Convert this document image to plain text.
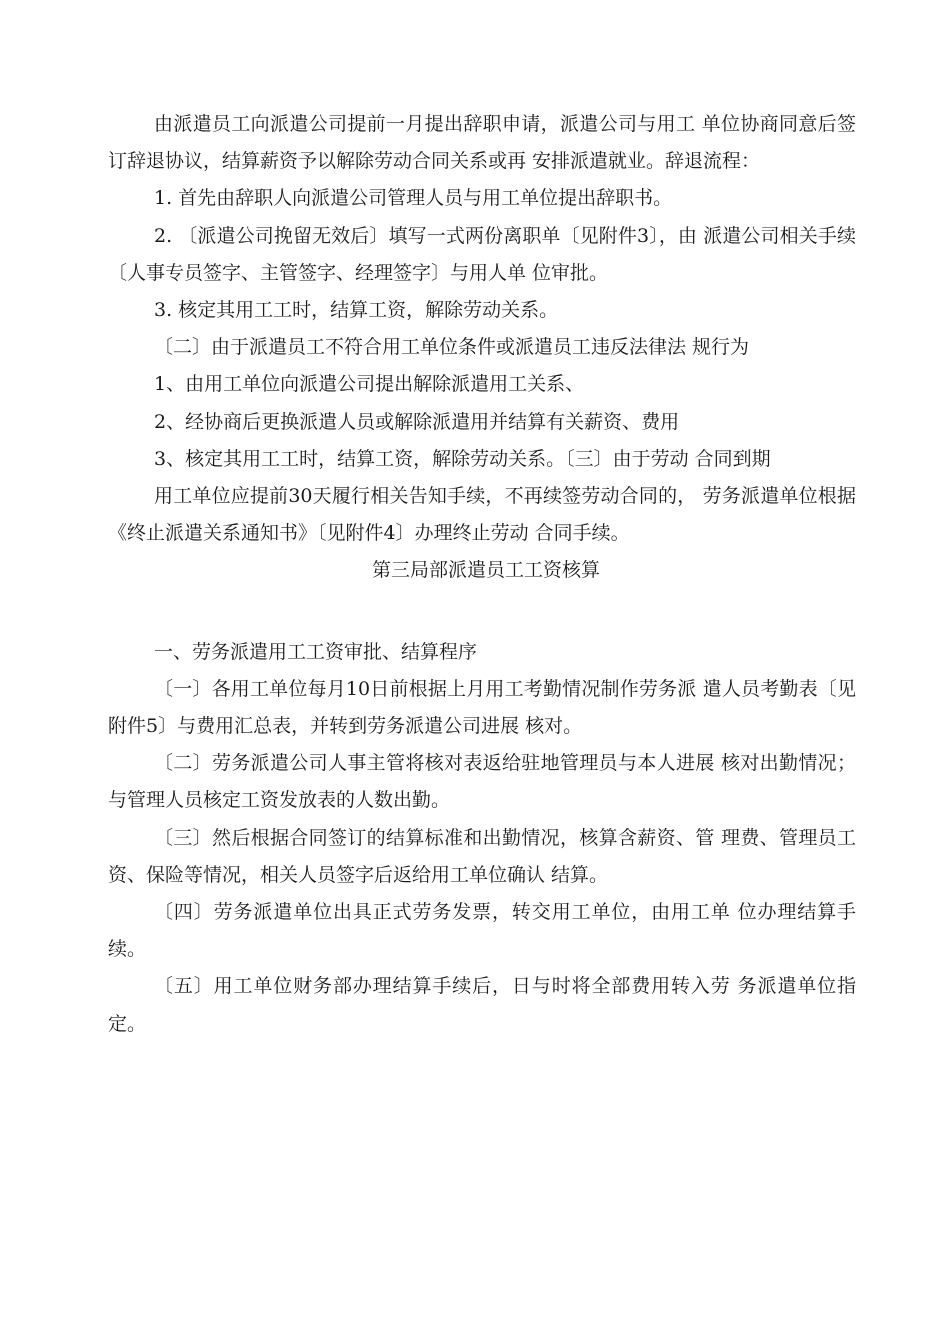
由派遣员工向派遣公司提前一月提出辞职申请，派遣公司与用工 单位协商同意后签订辞退协议，结算薪资予以解除劳动合同关系或再 安排派遣就业。辞退流程：

1. 首先由辞职人向派遣公司管理人员与用工单位提出辞职书。

2. 〔派遣公司挽留无效后〕填写一式两份离职单〔见附件3〕，由 派遣公司相关手续〔人事专员签字、主管签字、经理签字〕与用人单 位审批。

3. 核定其用工工时，结算工资，解除劳动关系。

〔二〕由于派遣员工不符合用工单位条件或派遣员工违反法律法 规行为

1、由用工单位向派遣公司提出解除派遣用工关系、

2、经协商后更换派遣人员或解除派遣用并结算有关薪资、费用

3、核定其用工工时，结算工资，解除劳动关系。〔三〕由于劳动 合同到期

用工单位应提前30天履行相关告知手续，不再续签劳动合同的， 劳务派遣单位根据《终止派遣关系通知书》〔见附件4〕办理终止劳动 合同手续。

第三局部派遣员工工资核算

一、劳务派遣用工工资审批、结算程序

〔一〕各用工单位每月10日前根据上月用工考勤情况制作劳务派 遣人员考勤表〔见附件5〕与费用汇总表，并转到劳务派遣公司进展 核对。

〔二〕劳务派遣公司人事主管将核对表返给驻地管理员与本人进展 核对出勤情况；与管理人员核定工资发放表的人数出勤。

〔三〕然后根据合同签订的结算标准和出勤情况，核算含薪资、管 理费、管理员工资、保险等情况，相关人员签字后返给用工单位确认 结算。

〔四〕劳务派遣单位出具正式劳务发票，转交用工单位，由用工单 位办理结算手续。

〔五〕用工单位财务部办理结算手续后，日与时将全部费用转入劳 务派遣单位指定。
